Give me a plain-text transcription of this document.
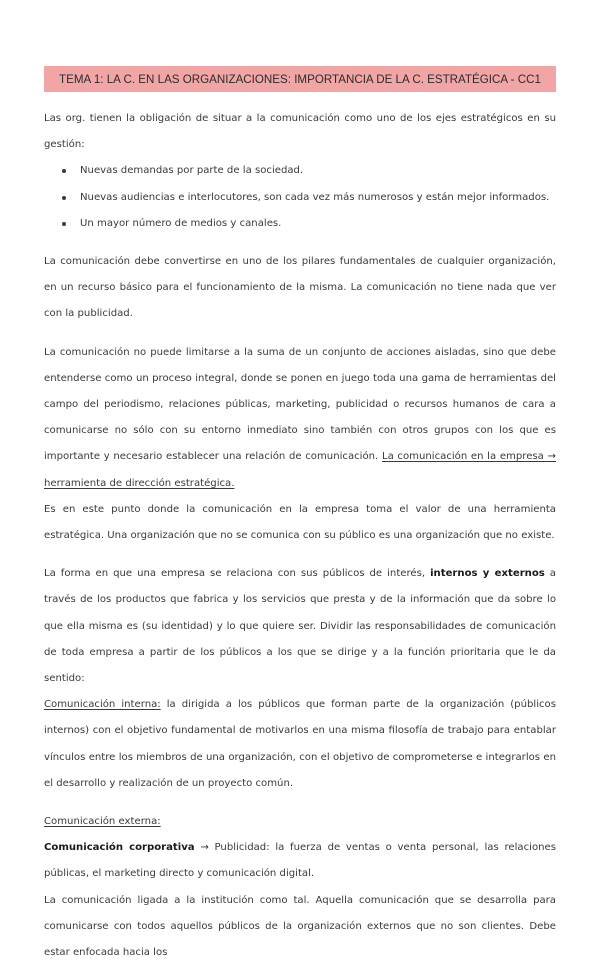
TEMA 1: LA C. EN LAS ORGANIZACIONES: IMPORTANCIA DE LA C. ESTRATÉGICA - CC1

Las org. tienen la obligación de situar a la comunicación como uno de los ejes estratégicos en su gestión:

Nuevas demandas por parte de la sociedad.
Nuevas audiencias e interlocutores, son cada vez más numerosos y están mejor informados.
Un mayor número de medios y canales.

La comunicación debe convertirse en uno de los pilares fundamentales de cualquier organización, en un recurso básico para el funcionamiento de la misma. La comunicación no tiene nada que ver con la publicidad.

La comunicación no puede limitarse a la suma de un conjunto de acciones aisladas, sino que debe entenderse como un proceso integral, donde se ponen en juego toda una gama de herramientas del campo del periodismo, relaciones públicas, marketing, publicidad o recursos humanos de cara a comunicarse no sólo con su entorno inmediato sino también con otros grupos con los que es importante y necesario establecer una relación de comunicación. La comunicación en la empresa → herramienta de dirección estratégica.

Es en este punto donde la comunicación en la empresa toma el valor de una herramienta estratégica. Una organización que no se comunica con su público es una organización que no existe.

La forma en que una empresa se relaciona con sus públicos de interés, internos y externos a través de los productos que fabrica y los servicios que presta y de la información que da sobre lo que ella misma es (su identidad) y lo que quiere ser. Dividir las responsabilidades de comunicación de toda empresa a partir de los públicos a los que se dirige y a la función prioritaria que le da sentido:

Comunicación interna: la dirigida a los públicos que forman parte de la organización (públicos internos) con el objetivo fundamental de motivarlos en una misma filosofía de trabajo para entablar vínculos entre los miembros de una organización, con el objetivo de comprometerse e integrarlos en el desarrollo y realización de un proyecto común.

Comunicación externa:

Comunicación corporativa → Publicidad: la fuerza de ventas o venta personal, las relaciones públicas, el marketing directo y comunicación digital.

La comunicación ligada a la institución como tal. Aquella comunicación que se desarrolla para comunicarse con todos aquellos públicos de la organización externos que no son clientes. Debe estar enfocada hacia los
